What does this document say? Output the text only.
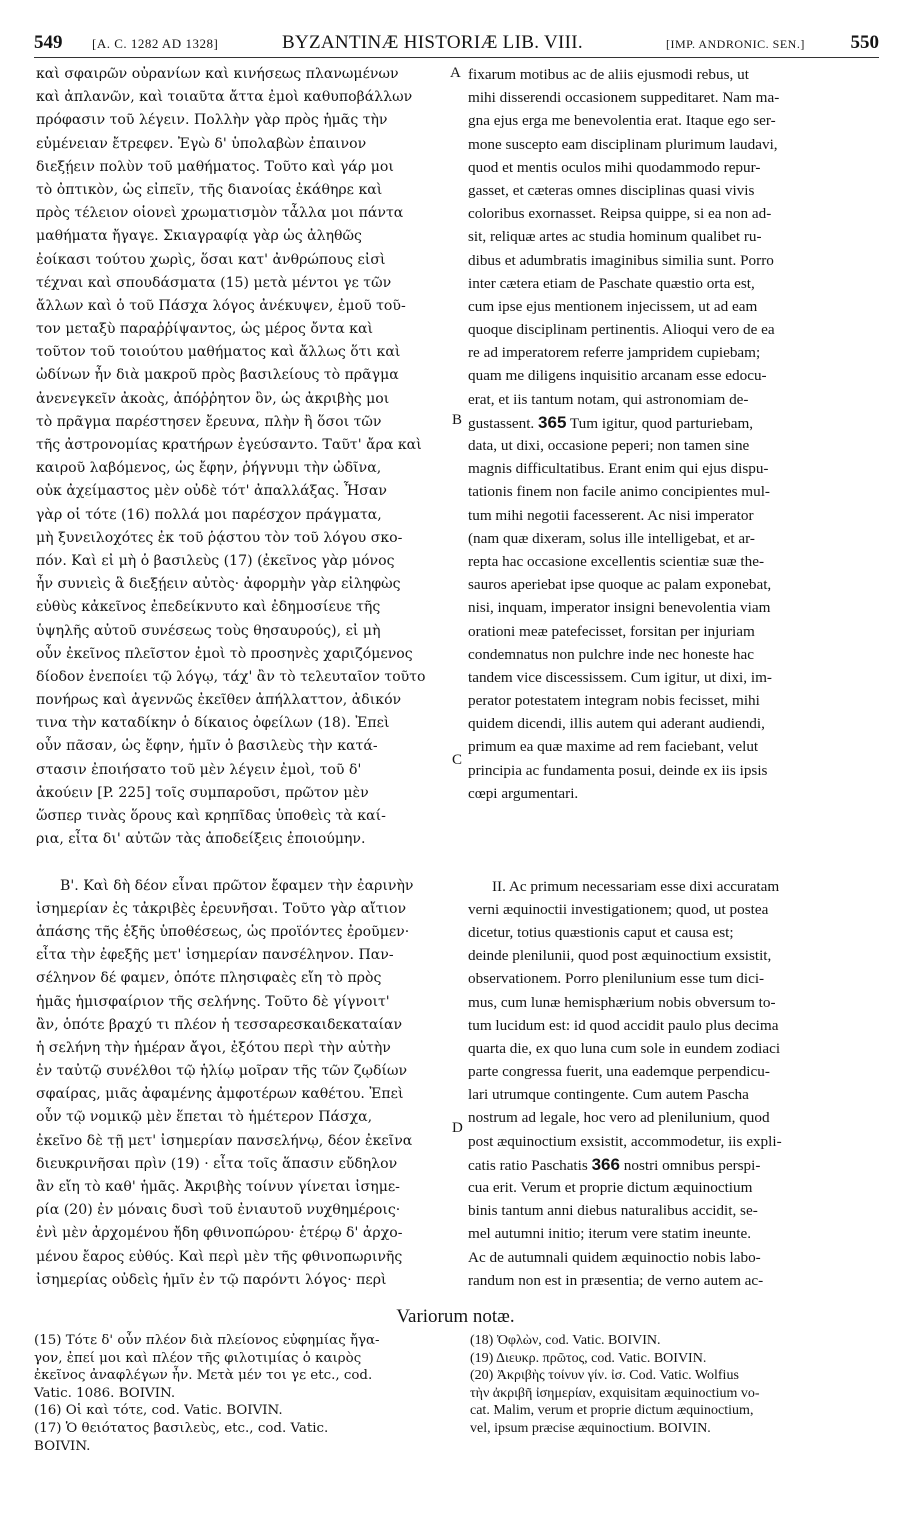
549 [A. C. 1282 AD 1328]	BYZANTINÆ HISTORIÆ LIB. VIII.	[IMP. ANDRONIC. SEN.] 550
καὶ σφαιρῶν οὐρανίων καὶ κινήσεως πλανωμένων
καὶ ἀπλανῶν, καὶ τοιαῦτα ἄττα ἐμοὶ καθυποβάλλων
πρόφασιν τοῦ λέγειν. Πολλὴν γὰρ πρὸς ἡμᾶς τὴν
εὐμένειαν ἔτρεφεν. Ἐγὼ δ' ὑπολαβὼν ἐπαινον
διεξῄειν πολὺν τοῦ μαθήματος. Τοῦτο καὶ γάρ μοι
τὸ ὀπτικὸν, ὡς εἰπεῖν, τῆς διανοίας ἐκάθηρε καὶ
πρὸς τέλειον οἱονεὶ χρωματισμὸν τἆλλα μοι πάντα
μαθήματα ἤγαγε. Σκιαγραφίᾳ γὰρ ὡς ἀληθῶς
ἐοίκασι τούτου χωρὶς, ὅσαι κατ' ἀνθρώπους εἰσὶ
τέχναι καὶ σπουδάσματα (15) μετὰ μέντοι γε τῶν
ἄλλων καὶ ὁ τοῦ Πάσχα λόγος ἀνέκυψεν, ἐμοῦ τοῦ-
τον μεταξὺ παραῤῥίψαντος, ὡς μέρος ὄντα καὶ
τοῦτον τοῦ τοιούτου μαθήματος καὶ ἄλλως ὅτι καὶ
ὠδίνων ἦν διὰ μακροῦ πρὸς βασιλείους τὸ πρᾶγμα
ἀνενεγκεῖν ἀκοὰς, ἀπόῤῥητον ὂν, ὡς ἀκριβὴς μοι
τὸ πρᾶγμα παρέστησεν ἔρευνα, πλὴν ἢ ὅσοι τῶν
τῆς ἀστρονομίας κρατήρων ἐγεύσαντο. Ταῦτ' ἄρα καὶ
καιροῦ λαβόμενος, ὡς ἔφην, ῥήγνυμι τὴν ὠδῖνα,
οὐκ ἀχείμαστος μὲν οὐδὲ τότ' ἀπαλλάξας. Ἦσαν
γὰρ οἱ τότε (16) πολλά μοι παρέσχον πράγματα,
μὴ ξυνειλοχότες ἐκ τοῦ ῥᾴστου τὸν τοῦ λόγου σκο-
πόν. Καὶ εἰ μὴ ὁ βασιλεὺς (17) (ἐκεῖνος γὰρ μόνος
ἦν συνιεὶς ἃ διεξῄειν αὐτὸς· ἀφορμὴν γὰρ εἰληφὼς
εὐθὺς κἀκεῖνος ἐπεδείκνυτο καὶ ἐδημοσίευε τῆς
ὑψηλῆς αὐτοῦ συνέσεως τοὺς θησαυρούς), εἰ μὴ
οὖν ἐκεῖνος πλεῖστον ἐμοὶ τὸ προσηνὲς χαριζόμενος
δίοδον ἐνεποίει τῷ λόγῳ, τάχ' ἂν τὸ τελευταῖον τοῦτο
πονήρως καὶ ἀγεννῶς ἐκεῖθεν ἀπήλλαττον, ἀδικόν
τινα τὴν καταδίκην ὁ δίκαιος ὀφείλων (18). Ἐπεὶ
οὖν πᾶσαν, ὡς ἔφην, ἡμῖν ὁ βασιλεὺς τὴν κατά-
στασιν ἐποιήσατο τοῦ μὲν λέγειν ἐμοὶ, τοῦ δ'
ἀκούειν [P. 225] τοῖς συμπαροῦσι, πρῶτον μὲν
ὥσπερ τινὰς ὅρους καὶ κρηπῖδας ὑποθεὶς τὰ καί-
ρια, εἶτα δι' αὐτῶν τὰς ἀποδείξεις ἐποιούμην.
Β'. Καὶ δὴ δέον εἶναι πρῶτον ἔφαμεν τὴν ἐαρινὴν
ἰσημερίαν ἐς τἀκριβὲς ἐρευνῆσαι. Τοῦτο γὰρ αἴτιον
ἁπάσης τῆς ἑξῆς ὑποθέσεως, ὡς προϊόντες ἐροῦμεν·
εἶτα τὴν ἐφεξῆς μετ' ἰσημερίαν πανσέληνον. Παν-
σέληνον δέ φαμεν, ὁπότε πλησιφαὲς εἴη τὸ πρὸς
ἡμᾶς ἡμισφαίριον τῆς σελήνης. Τοῦτο δὲ γίγνοιτ'
ἂν, ὁπότε βραχύ τι πλέον ἡ τεσσαρεσκαιδεκαταίαν
ἡ σελήνη τὴν ἡμέραν ἄγοι, ἐξότου περὶ τὴν αὐτὴν
ἐν ταὐτῷ συνέλθοι τῷ ἡλίῳ μοῖραν τῆς τῶν ζῳδίων
σφαίρας, μιᾶς ἀφαμένης ἀμφοτέρων καθέτου. Ἐπεὶ
οὖν τῷ νομικῷ μὲν ἕπεται τὸ ἡμέτερον Πάσχα,
ἐκεῖνο δὲ τῇ μετ' ἰσημερίαν πανσελήνῳ, δέον ἐκεῖνα
διευκρινῆσαι πρὶν (19) · εἶτα τοῖς ἅπασιν εὔδηλον
ἂν εἴη τὸ καθ' ἡμᾶς. Ἀκριβὴς τοίνυν γίνεται ἰσημε-
ρία (20) ἐν μόναις δυσὶ τοῦ ἐνιαυτοῦ νυχθημέροις·
ἐνὶ μὲν ἀρχομένου ἤδη φθινοπώρου· ἑτέρῳ δ' ἀρχο-
μένου ἔαρος εὐθύς. Καὶ περὶ μὲν τῆς φθινοπωρινῆς
ἰσημερίας οὐδεὶς ἡμῖν ἐν τῷ παρόντι λόγος· περὶ
fixarum motibus ac de aliis ejusmodi rebus, ut
mihi disserendi occasionem suppeditaret. Nam ma-
gna ejus erga me benevolentia erat. Itaque ego ser-
mone suscepto eam disciplinam plurimum laudavi,
quod et mentis oculos mihi quodammodo repur-
gasset, et cæteras omnes disciplinas quasi vivis
coloribus exornasset. Reipsa quippe, si ea non ad-
sit, reliquæ artes ac studia hominum qualibet ru-
dibus et adumbratis imaginibus similia sunt. Porro
inter cætera etiam de Paschate quæstio orta est,
cum ipse ejus mentionem injecissem, ut ad eam
quoque disciplinam pertinentis. Alioqui vero de ea
re ad imperatorem referre jampridem cupiebam;
quam me diligens inquisitio arcanam esse edocu-
erat, et iis tantum notam, qui astronomiam de-
gustassent. 365 Tum igitur, quod parturiebam,
data, ut dixi, occasione peperi; non tamen sine
magnis difficultatibus. Erant enim qui ejus dispu-
tationis finem non facile animo concipientes mul-
tum mihi negotii facesserent. Ac nisi imperator
(nam quæ dixeram, solus ille intelligebat, et ar-
repta hac occasione excellentis scientiæ suæ the-
sauros aperiebat ipse quoque ac palam exponebat,
nisi, inquam, imperator insigni benevolentia viam
orationi meæ patefecisset, forsitan per injuriam
condemnatus non pulchre inde nec honeste hac
tandem vice discessissem. Cum igitur, ut dixi, im-
perator potestatem integram nobis fecisset, mihi
quidem dicendi, illis autem qui aderant audiendi,
primum ea quæ maxime ad rem faciebant, velut
principia ac fundamenta posui, deinde ex iis ipsis
cœpi argumentari.
II. Ac primum necessariam esse dixi accuratam
verni æquinoctii investigationem; quod, ut postea
dicetur, totius quæstionis caput et causa est;
deinde plenilunii, quod post æquinoctium exsistit,
observationem. Porro plenilunium esse tum dici-
mus, cum lunæ hemisphærium nobis obversum to-
tum lucidum est: id quod accidit paulo plus decima
quarta die, ex quo luna cum sole in eundem zodiaci
parte congressa fuerit, una eademque perpendicu-
lari utrumque contingente. Cum autem Pascha
nostrum ad legale, hoc vero ad plenilunium, quod
post æquinoctium exsistit, accommodetur, iis expli-
catis ratio Paschatis 366 nostri omnibus perspi-
cua erit. Verum et proprie dictum æquinoctium
binis tantum anni diebus naturalibus accidit, se-
mel autumni initio; iterum vere statim ineunte.
Ac de autumnali quidem æquinoctio nobis labo-
randum non est in præsentia; de verno autem ac-
A
B
C
D
Variorum notæ.
(15) Τότε δ' οὖν πλέον διὰ πλείονος εὐφημίας ἤγα-
γον, ἐπεί μοι καὶ πλέον τῆς φιλοτιμίας ὁ καιρὸς
ἐκεῖνος ἀναφλέγων ἦν. Μετὰ μέν τοι γε etc., cod.
Vatic. 1086. BOIVIN.
(16) Οἱ καὶ τότε, cod. Vatic. BOIVIN.
(17) Ὁ θειότατος βασιλεὺς, etc., cod. Vatic.
BOIVIN.
(18) Ὀφλὼν, cod. Vatic. BOIVIN.
(19) Διευκρ. πρῶτος, cod. Vatic. BOIVIN.
(20) Ἀκριβὴς τοίνυν γίν. ἰσ. Cod. Vatic. Wolfius
τὴν ἀκριβῆ ἰσημερίαν, exquisitam æquinoctium vo-
cat. Malim, verum et proprie dictum æquinoctium,
vel, ipsum præcise æquinoctium. BOIVIN.
